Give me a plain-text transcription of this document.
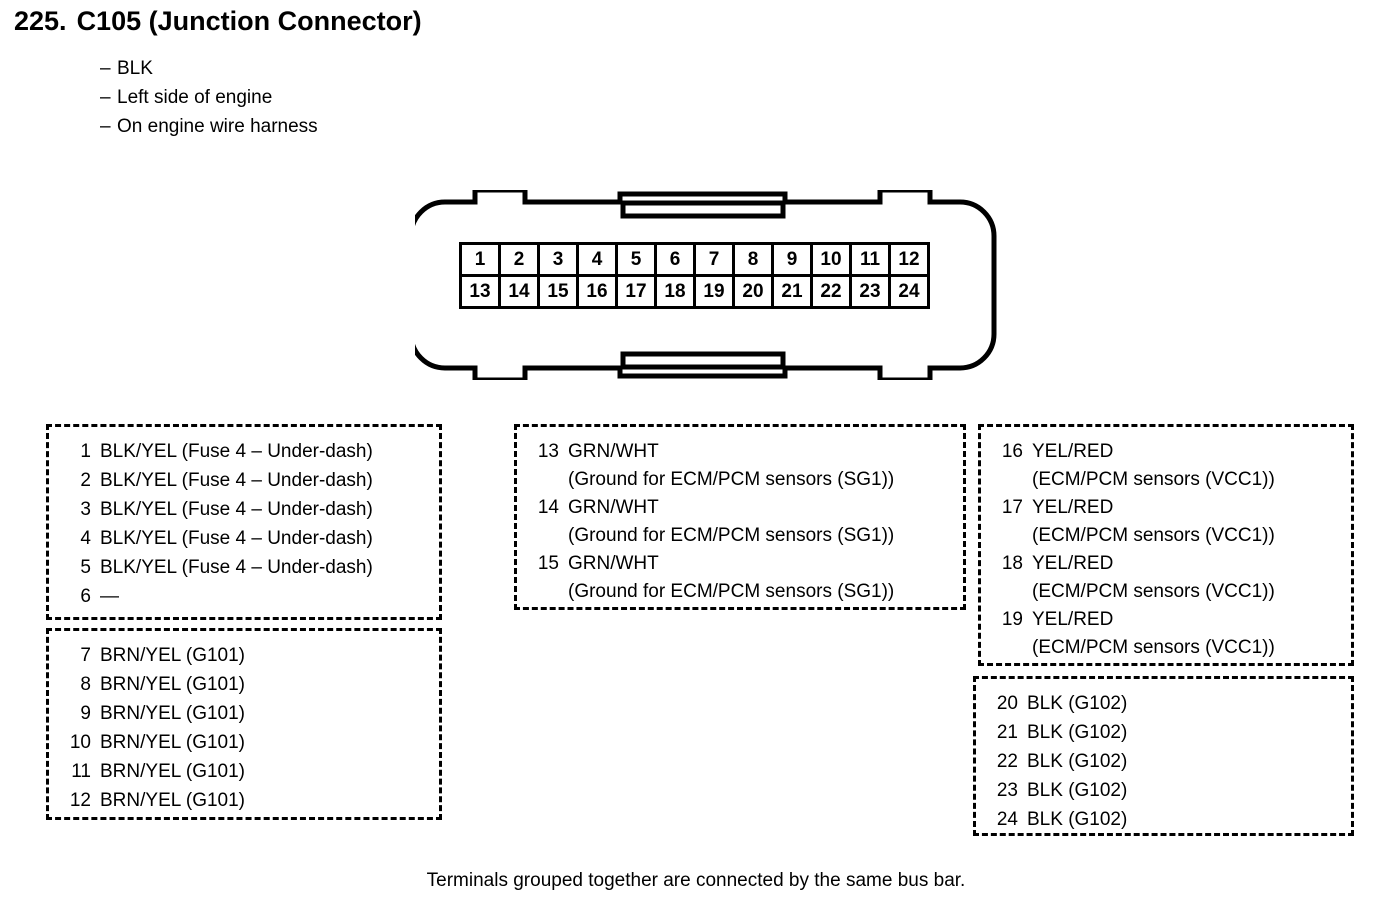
225. C105 (Junction Connector)
– BLK
– Left side of engine
– On engine wire harness
1	2	3	4	5	6	7	8	9	10 11 12
13 14 15 16 17 18 19 20 21 22 23 24
1 BLK/YEL (Fuse 4 – Under-dash)
2 BLK/YEL (Fuse 4 – Under-dash)
3 BLK/YEL (Fuse 4 – Under-dash)
4 BLK/YEL (Fuse 4 – Under-dash)
5 BLK/YEL (Fuse 4 – Under-dash)
6 —
7 BRN/YEL (G101)
8 BRN/YEL (G101)
9 BRN/YEL (G101)
10 BRN/YEL (G101)
11 BRN/YEL (G101)
12 BRN/YEL (G101)
13 GRN/WHT
(Ground for ECM/PCM sensors (SG1))
14 GRN/WHT
(Ground for ECM/PCM sensors (SG1))
15 GRN/WHT
(Ground for ECM/PCM sensors (SG1))
16 YEL/RED
(ECM/PCM sensors (VCC1))
17 YEL/RED
(ECM/PCM sensors (VCC1))
18 YEL/RED
(ECM/PCM sensors (VCC1))
19 YEL/RED
(ECM/PCM sensors (VCC1))
20 BLK (G102)
21 BLK (G102)
22 BLK (G102)
23 BLK (G102)
24 BLK (G102)
Terminals grouped together are connected by the same bus bar.
